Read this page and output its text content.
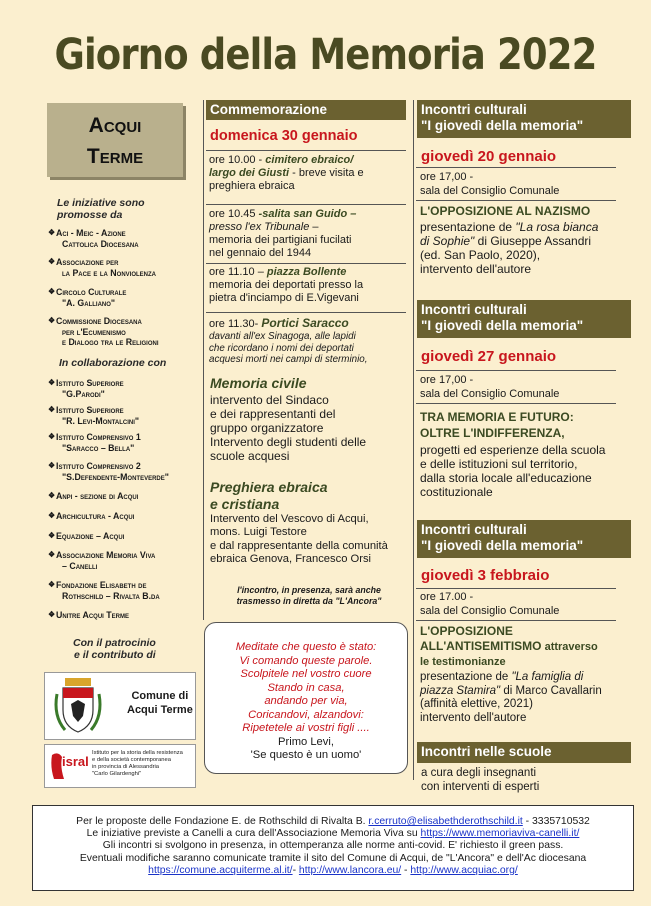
Giorno della Memoria 2022
Acqui
Terme
Le iniziative sono
promosse da
❖ Aci - Meic - Azione
Cattolica Diocesana
❖ Associazione per
la Pace e la Nonviolenza
❖ Circolo Culturale
"A. Galliano"
❖ Commissione Diocesana
per l'Ecumenismo
e Dialogo tra le Religioni
In collaborazione con
❖ Istituto Superiore
"G.Parodi"
❖ Istituto Superiore
"R. Levi-Montalcini"
❖ Istituto Comprensivo 1
"Saracco – Bella"
❖ Istituto Comprensivo 2
"S.Defendente-Monteverde"
❖ Anpi - sezione di Acqui
❖ Archicultura - Acqui
❖ Equazione – Acqui
❖ Associazione Memoria Viva
– Canelli
❖ Fondazione Elisabeth de
Rothschild – Rivalta B.da
❖ Unitre Acqui Terme
Con il patrocinio
e il contributo di
Comune di
Acqui Terme
isral
Istituto per la storia della resistenza
e della società contemporanea
in provincia di Alessandria
"Carlo Gilardenghi"
Commemorazione
domenica 30 gennaio
ore 10.00 - cimitero ebraico/
largo dei Giusti - breve visita e
preghiera ebraica
ore 10.45 -salita san Guido –
presso l'ex Tribunale –
memoria dei partigiani fucilati
nel gennaio del 1944
ore 11.10 – piazza Bollente
memoria dei deportati presso la
pietra d'inciampo di E.Vigevani
ore 11.30- Portici Saracco
davanti all'ex Sinagoga, alle lapidi
che ricordano i nomi dei deportati
acquesi morti nei campi di sterminio,
Memoria civile
intervento del Sindaco
e dei rappresentanti del
gruppo organizzatore
Intervento degli studenti delle
scuole acquesi
Preghiera ebraica
e cristiana
Intervento del Vescovo di Acqui,
mons. Luigi Testore
e dal rappresentante della comunità
ebraica Genova, Francesco Orsi
l'incontro, in presenza, sarà anche
trasmesso in diretta da "L'Ancora"
Meditate che questo è stato:
Vi comando queste parole.
Scolpitele nel vostro cuore
Stando in casa,
andando per via,
Coricandovi, alzandovi:
Ripetetele ai vostri figli ....
Primo Levi,
'Se questo è un uomo'
Incontri culturali
"I giovedì della memoria"
giovedì 20 gennaio
ore 17,00 -
sala del Consiglio Comunale
L'OPPOSIZIONE AL NAZISMO
presentazione de "La rosa bianca
di Sophie" di Giuseppe Assandri
(ed. San Paolo, 2020),
intervento dell'autore
Incontri culturali
"I giovedì della memoria"
giovedì 27 gennaio
ore 17,00 -
sala del Consiglio Comunale
TRA MEMORIA E FUTURO:
OLTRE L'INDIFFERENZA,
progetti ed esperienze della scuola
e delle istituzioni sul territorio,
dalla storia locale all'educazione
costituzionale
Incontri culturali
"I giovedì della memoria"
giovedì 3 febbraio
ore 17.00 -
sala del Consiglio Comunale
L'OPPOSIZIONE
ALL'ANTISEMITISMO attraverso
le testimonianze
presentazione de "La famiglia di
piazza Stamira" di Marco Cavallarin
(affinità elettive, 2021)
intervento dell'autore
Incontri nelle scuole
a cura degli insegnanti
con interventi di esperti
Per le proposte delle Fondazione E. de Rothschild di Rivalta B. r.cerruto@elisabethderothschild.it - 3335710532
Le iniziative previste a Canelli a cura dell'Associazione Memoria Viva su https://www.memoriaviva-canelli.it/
Gli incontri si svolgono in presenza, in ottemperanza alle norme anti-covid. E' richiesto il green pass.
Eventuali modifiche saranno comunicate tramite il sito del Comune di Acqui, de "L'Ancora" e dell'Ac diocesana
https://comune.acquiterme.al.it/- http://www.lancora.eu/ - http://www.acquiac.org/
